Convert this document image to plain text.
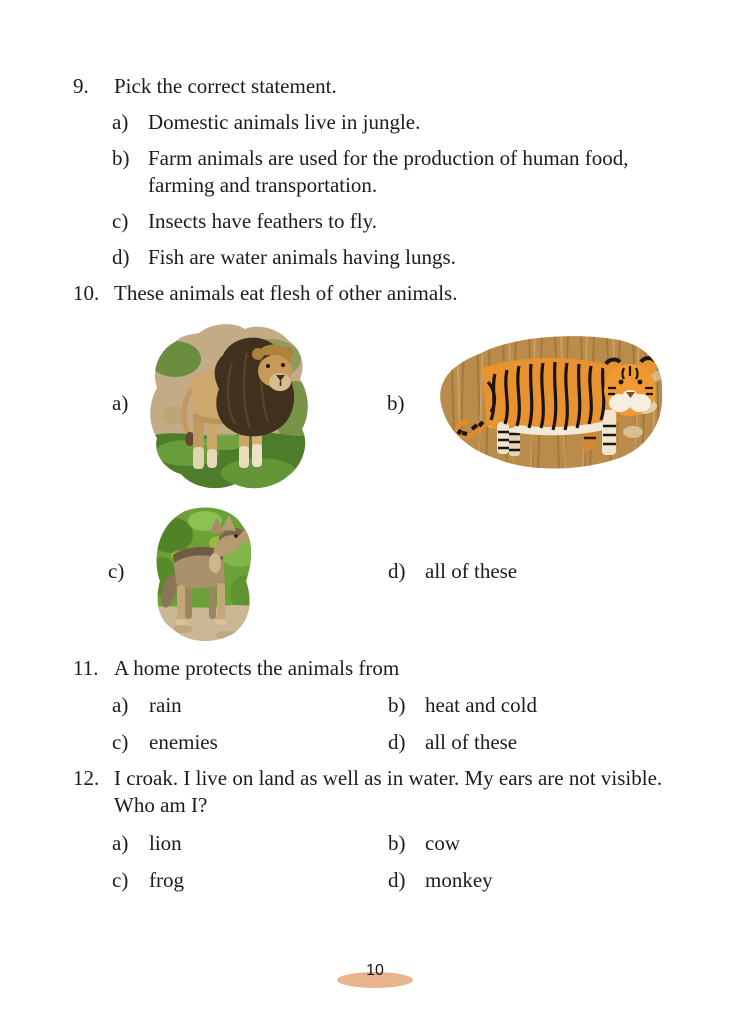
9.	Pick the correct statement.
a) Domestic animals live in jungle.
b) Farm animals are used for the production of human food, farming and transportation.
c) Insects have feathers to fly.
d) Fish are water animals having lungs.
10. These animals eat flesh of other animals.
a)	b)
c)	d) all of these
11. A home protects the animals from
a) rain	b) heat and cold
c) enemies	d) all of these
12. I croak. I live on land as well as in water. My ears are not visible. Who am I?
a) lion	b) cow
c) frog	d) monkey
10
